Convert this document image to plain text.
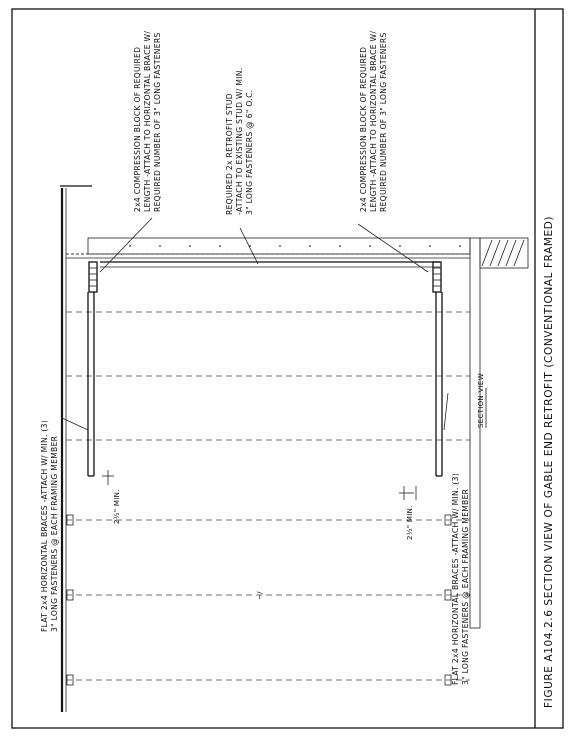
FIGURE A104.2.6 SECTION VIEW OF GABLE END RETROFIT (CONVENTIONAL FRAMED)
2x4 COMPRESSION BLOCK OF REQUIRED LENGTH -ATTACH TO HORIZONTAL BRACE W/ REQUIRED NUMBER OF 3" LONG FASTENERS	REQUIRED 2x RETROFIT STUD -ATTACH TO EXISTING STUD W/ MIN. 3" LONG FASTENERS @ 6" O.C.	2x4 COMPRESSION BLOCK OF REQUIRED LENGTH -ATTACH TO HORIZONTAL BRACE W/ REQUIRED NUMBER OF 3" LONG FASTENERS
FLAT 2x4 HORIZONTAL BRACES -ATTACH W/ MIN. (3) 3" LONG FASTENERS @ EACH FRAMING MEMBER	FLAT 2x4 HORIZONTAL BRACES -ATTACH W/ MIN. (3) 3" LONG FASTENERS @ EACH FRAMING MEMBER
2½" MIN.	2½" MIN.
SECTION VIEW
~/
